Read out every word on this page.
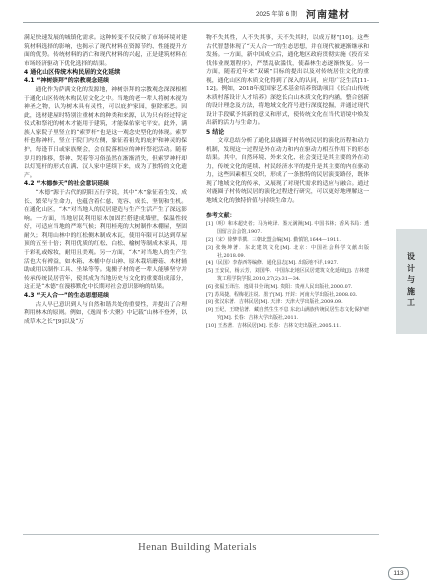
2025 年第 6 期 河南建材

满足快速发展的城镇化需求。这种转变不仅反映了市场环境对建筑材料选择的影响，也揭示了现代材料在资源节约、性能提升方面的优势。传统材料的消亡和现代材料的兴起，正是建筑材料在市场经济驱动下优化选择的结果。

4 通化山区传统木构民居的文化延续
4.1 “神树崇拜”的宗教观念延续

通化作为萨满文化的发源地，神树崇拜的宗教观念深深根植于通化山区传统木构民居文化之中。当地的老一辈人将树木视为神圣之物，认为树木具有灵性，可以庇护家园，驱除邪恶。因此，选材建屋时特别注重树木的种类和来源，认为只有经过特定仪式和祭祀的树木才能用于建筑，才能保佑家宅平安。此外，满族人家院子里竖立的“索罗杆”也是这一观念史型化的体现。索罗杆也称神杆，竖立于院门内左侧，象征着祖先的庇护和神灵的保护，每逢节日或家族聚会，会在院落相应的神杆祭祀活动。随着岁月的推移，祭神、哭着等习俗虽然在渐渐消失，但索罗神杆却以灯笼杆的形式在满、汉人家中延续下来，成为了独特的文化遗产。

4.2 “木德参天”的社会意识延续

“木德”源于古代的阴阳五行学说，其中“木”象征着生发、成长、繁荣与生命力，也蕴含着仁慈、宽容、成长、坚韧和生机。在通化山区，“木”对当地人的民居建造与生产生活产生了深远影响。一方面，当地居民利用原木加固拦搭建成墙壁，保温性较好，可适应当地的严寒气候；利用桂苑的大树制作木棚屋，坚固耐久；利用山林中的红松侧木制成木瓦，使用年限可以达到草屋顶的五至十倍；利用优质的红松、白松、榆树等制成木家具，用于彩礼或嫁妆，耐用且美观。另一方面，“木”对当地人的生产生活也大有裨益，如木箱、木桶中存山神、原木栽培蘑菇、木材辅助或用以制作工具、坐垛等等。鬼搬子材的老一辈人能够坚守并传承传统民居营年，使其成为当地历史与文化的重要组成部分，这正是“木德”在漫移默化中长期对社会意识影响的结果。

4.3 “天人合一”的生态思想延续

古人早已意识到人与自然和谐共处的重要性，并提出了合理利用林木的原则。例如，《逸周书·大聚》中记载“山林不登斧，以成草木之长”[9]以及“万

物不失其性，人不失其事，天不失其时，以成万财”[10]。这些古代智慧体现了“天人合一”的生态思想，并在现代被逐渐继承和发扬。一方面，新中国成立后，通化地区政府贯彻实施《投育采伐伟业规划程序》，严禁乱砍滥伐，使森林生态逐渐恢复。另一方面，随着近年来“双碳”目标的提出以及对传统居住文化的重视，通化山区的木质文化得到了深入的认同，应用广泛生活[11-12]。例如，2018年度国家艺术基金培养资助项目《长白山传统木质村落设计人才培养》深挖长白山木质文化的内涵，整合创新的设计理念及方法，将地域文化符号进行深度挖掘，并通过现代设计手段赋予其新的意义和形式，使传统文化在当代语境中焕发出新的活力与生命力。

5 结论

文章总结分析了通化县鹿圈子村传统民居的演化历程和动力机制，发现这一过程是外在动力和内在驱动力相互作用下的形态结果。其中，自然环境、外来文化、社会变迁是其主要的外在动力，传统文化的延续、村民经济水平的提升是其主要的内在驱动力，这些因素相互交织，形成了一条独特的民居演变路径，既体现了地域文化的传承，又展现了对现代需求的适应与融合。通过对鹿圈子村传统民居的演化过程进行研究，可以更好地理解这一地域文化的独特价值与持续生命力。

参考文献：
[1]（明）和本超史者；马为纯译．鉴元满洲[M]. 中国书林；香风书局：透国留言会会馆,1907.
[2]（宋）徐梦莘撰．三朝北盟会编[M]. 勤慎馆,1644—1911.
[3] 张焕坤著．东北建筑文化[M]. 北京：中国社会科学文献出版社,2018.09.
[4]（民国）李春西等编修．通化县志[M]. 出版地不详,1927.
[5] 王安民，杨云芳，刘国华．中国东北地区民居建筑文化延续[J]. 吉林建筑工程学院学报,2010,27(2):31—34.
[6] 张福玉译注．逸周书全译[M]. 贵阳：贵州人民出版社,2000.07.
[7] 苏凤捷，程梅花注说．墨子[M]. 开封：河南大学出版社,2008.03.
[8] 张汉东著．吉林民居[M]. 天津：天津大学出版社,2009.09.
[9] 王纪，王晓信著．藏自然生生不息 东北山满族传统民居生态文化保护研究[M]. 长春：吉林大学出版社,2011.
[10] 王杰著．吉林民居[M]. 长春：吉林文史出版社,2005.11.
设
计
与
施
工
Henan Building Materials
113
